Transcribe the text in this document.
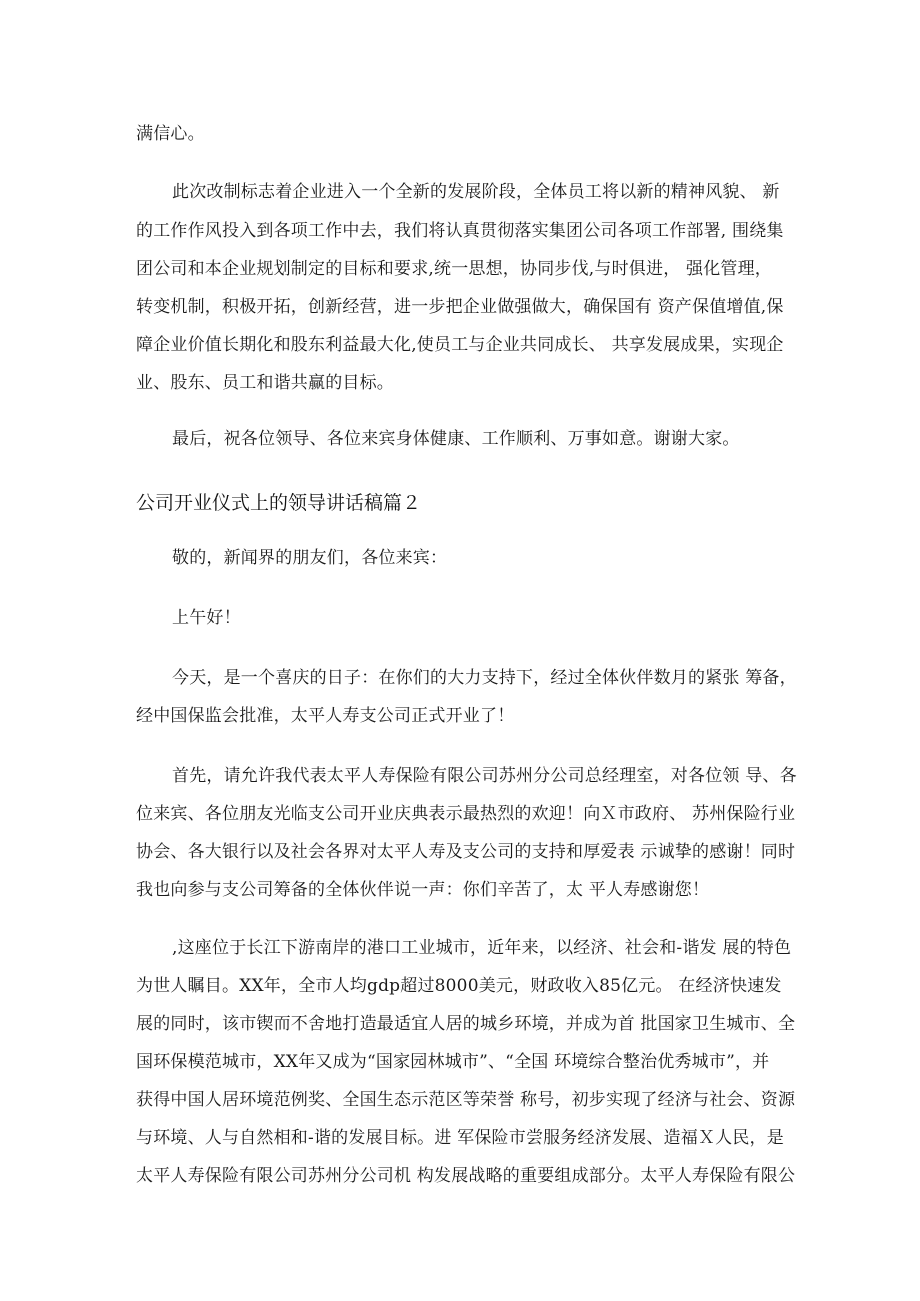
满信心。
此次改制标志着企业进入一个全新的发展阶段，全体员工将以新的精神风貌、 新
的工作作风投入到各项工作中去，我们将认真贯彻落实集团公司各项工作部署, 围绕集
团公司和本企业规划制定的目标和要求,统一思想，协同步伐,与时俱进， 强化管理，
转变机制，积极开拓，创新经营，进一步把企业做强做大，确保国有 资产保值增值,保
障企业价值长期化和股东利益最大化,使员工与企业共同成长、 共享发展成果，实现企
业、股东、员工和谐共赢的目标。
最后，祝各位领导、各位来宾身体健康、工作顺利、万事如意。谢谢大家。
公司开业仪式上的领导讲话稿篇２
敬的，新闻界的朋友们，各位来宾：
上午好！
今天，是一个喜庆的日子：在你们的大力支持下，经过全体伙伴数月的紧张 筹备，
经中国保监会批准，太平人寿支公司正式开业了！
首先，请允许我代表太平人寿保险有限公司苏州分公司总经理室，对各位领 导、各
位来宾、各位朋友光临支公司开业庆典表示最热烈的欢迎！向Ｘ市政府、 苏州保险行业
协会、各大银行以及社会各界对太平人寿及支公司的支持和厚爱表 示诚挚的感谢！同时
我也向参与支公司筹备的全体伙伴说一声：你们辛苦了，太 平人寿感谢您！
,这座位于长江下游南岸的港口工业城市，近年来，以经济、社会和-谐发 展的特色
为世人瞩目。XX年，全市人均gdp超过8000美元，财政收入85亿元。 在经济快速发
展的同时，该市锲而不舍地打造最适宜人居的城乡环境，并成为首 批国家卫生城市、全
国环保模范城市，XX年又成为“国家园林城市”、“全国 环境综合整治优秀城市”，并
获得中国人居环境范例奖、全国生态示范区等荣誉 称号，初步实现了经济与社会、资源
与环境、人与自然相和-谐的发展目标。进 军保险市尝服务经济发展、造福Ｘ人民，是
太平人寿保险有限公司苏州分公司机 构发展战略的重要组成部分。太平人寿保险有限公
